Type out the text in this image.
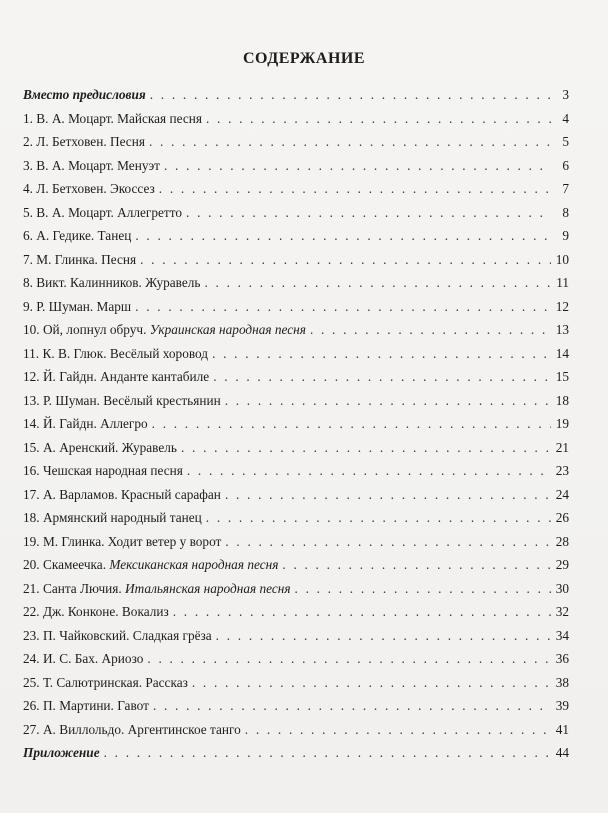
СОДЕРЖАНИЕ
Вместо предисловия . . .	3
1. В. А. Моцарт. Майская песня . . .	4
2. Л. Бетховен. Песня . . .	5
3. В. А. Моцарт. Менуэт . . .	6
4. Л. Бетховен. Экоссез . . .	7
5. В. А. Моцарт. Аллегретто . . .	8
6. А. Гедике. Танец . . .	9
7. М. Глинка. Песня . . .	10
8. Викт. Калинников. Журавель . . .	11
9. Р. Шуман. Марш . . .	12
10. Ой, лопнул обруч. Украинская народная песня . . .	13
11. К. В. Глюк. Весёлый хоровод . . .	14
12. Й. Гайдн. Анданте кантабиле . . .	15
13. Р. Шуман. Весёлый крестьянин . . .	18
14. Й. Гайдн. Аллегро . . .	19
15. А. Аренский. Журавель . . .	21
16. Чешская народная песня . . .	23
17. А. Варламов. Красный сарафан . . .	24
18. Армянский народный танец . . .	26
19. М. Глинка. Ходит ветер у ворот . . .	28
20. Скамеечка. Мексиканская народная песня . . .	29
21. Санта Лючия. Итальянская народная песня . . .	30
22. Дж. Конконе. Вокализ . . .	32
23. П. Чайковский. Сладкая грёза . . .	34
24. И. С. Бах. Ариозо . . .	36
25. Т. Салютринская. Рассказ . . .	38
26. П. Мартини. Гавот . . .	39
27. А. Виллольдо. Аргентинское танго . . .	41
Приложение . . .	44
